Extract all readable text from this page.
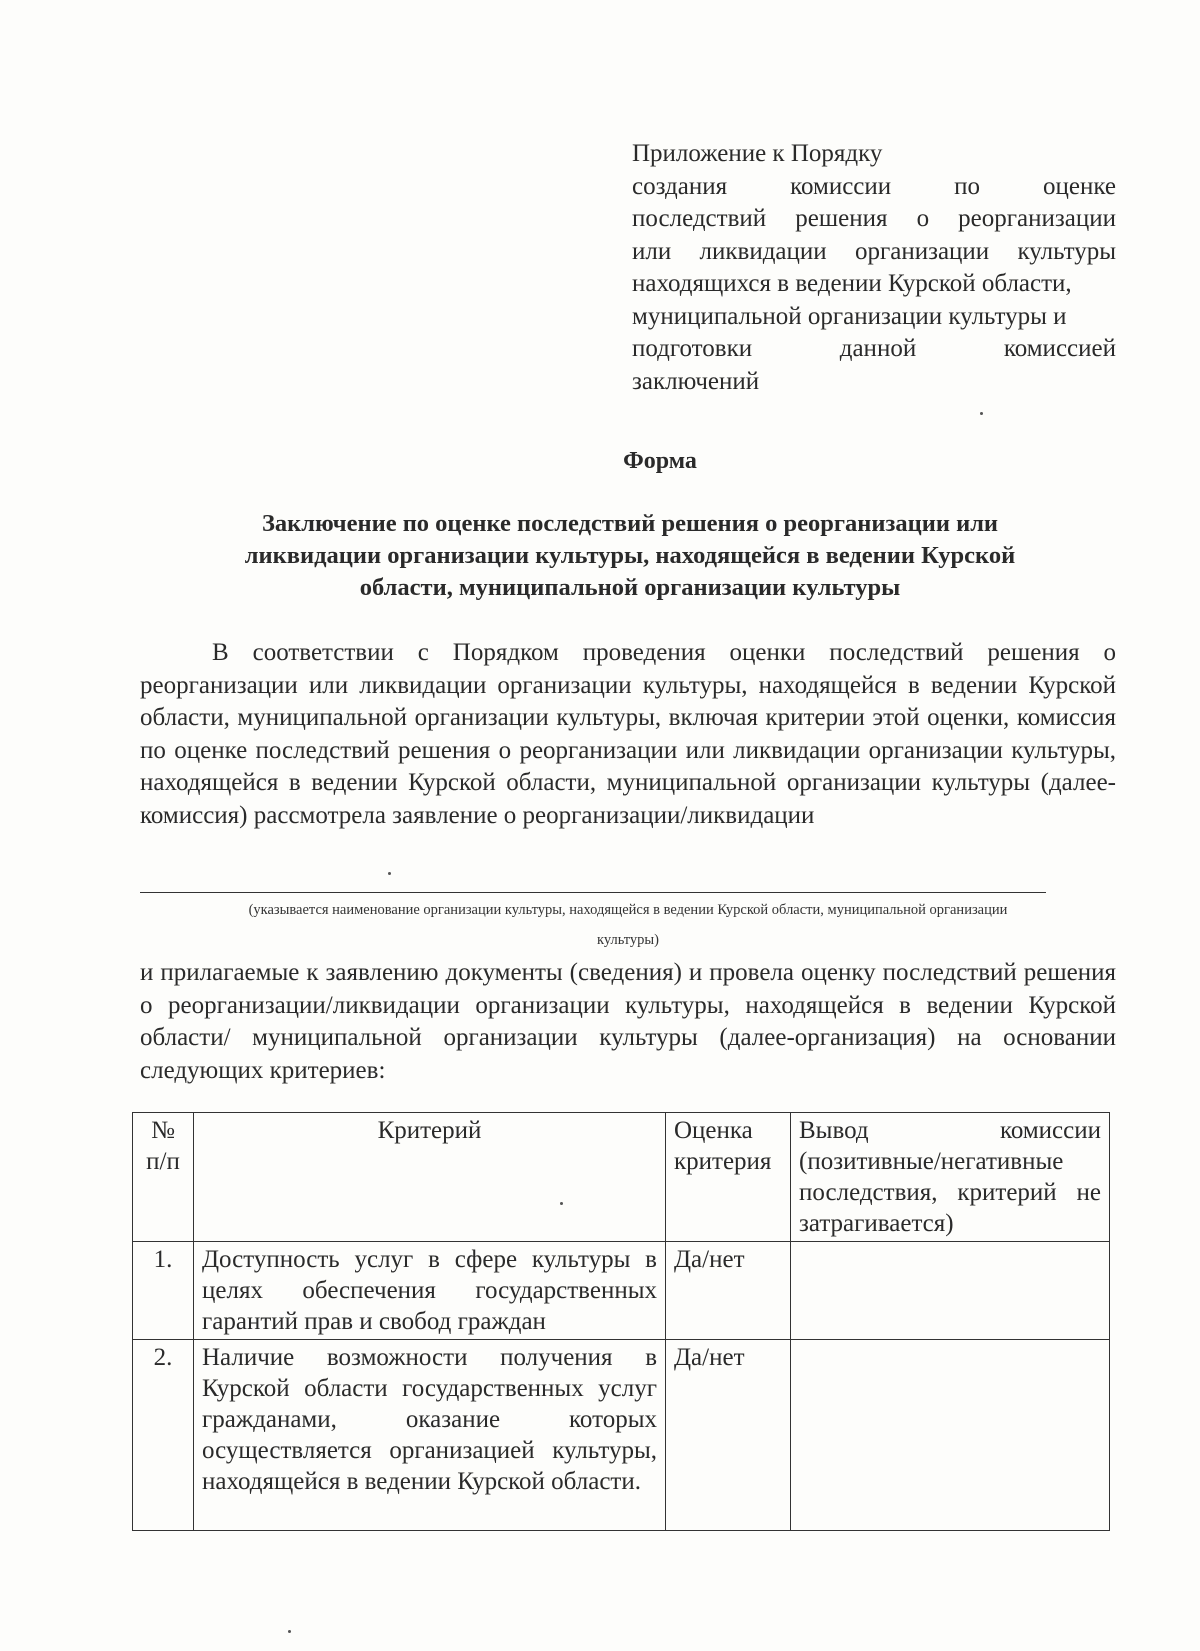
Приложение к Порядку
создания комиссии по оценке
последствий решения о реорганизации
или ликвидации организации культуры
находящихся в ведении Курской области,
муниципальной организации культуры и
подготовки данной комиссией
заключений
Форма
Заключение по оценке последствий решения о реорганизации или
ликвидации организации культуры, находящейся в ведении Курской
области, муниципальной организации культуры
В соответствии с Порядком проведения оценки последствий решения о реорганизации или ликвидации организации культуры, находящейся в ведении Курской области, муниципальной организации культуры, включая критерии этой оценки, комиссия по оценке последствий решения о реорганизации или ликвидации организации культуры, находящейся в ведении Курской области, муниципальной организации культуры (далее- комиссия) рассмотрела заявление о реорганизации/ликвидации
(указывается наименование организации культуры, находящейся в ведении Курской области, муниципальной организации
культуры)
и прилагаемые к заявлению документы (сведения) и провела оценку последствий решения о реорганизации/ликвидации организации культуры, находящейся в ведении Курской области/ муниципальной организации культуры (далее-организация) на основании следующих критериев:
№ п/п	Критерий	Оценка критерия	Вывод комиссии
(позитивные/негативные последствия, критерий не затрагивается)
1.	Доступность услуг в сфере культуры в целях обеспечения государственных гарантий прав и свобод граждан	Да/нет	
2.	Наличие возможности получения в Курской области государственных услуг гражданами, оказание которых осуществляется организацией культуры, находящейся в ведении Курской области.	Да/нет	
